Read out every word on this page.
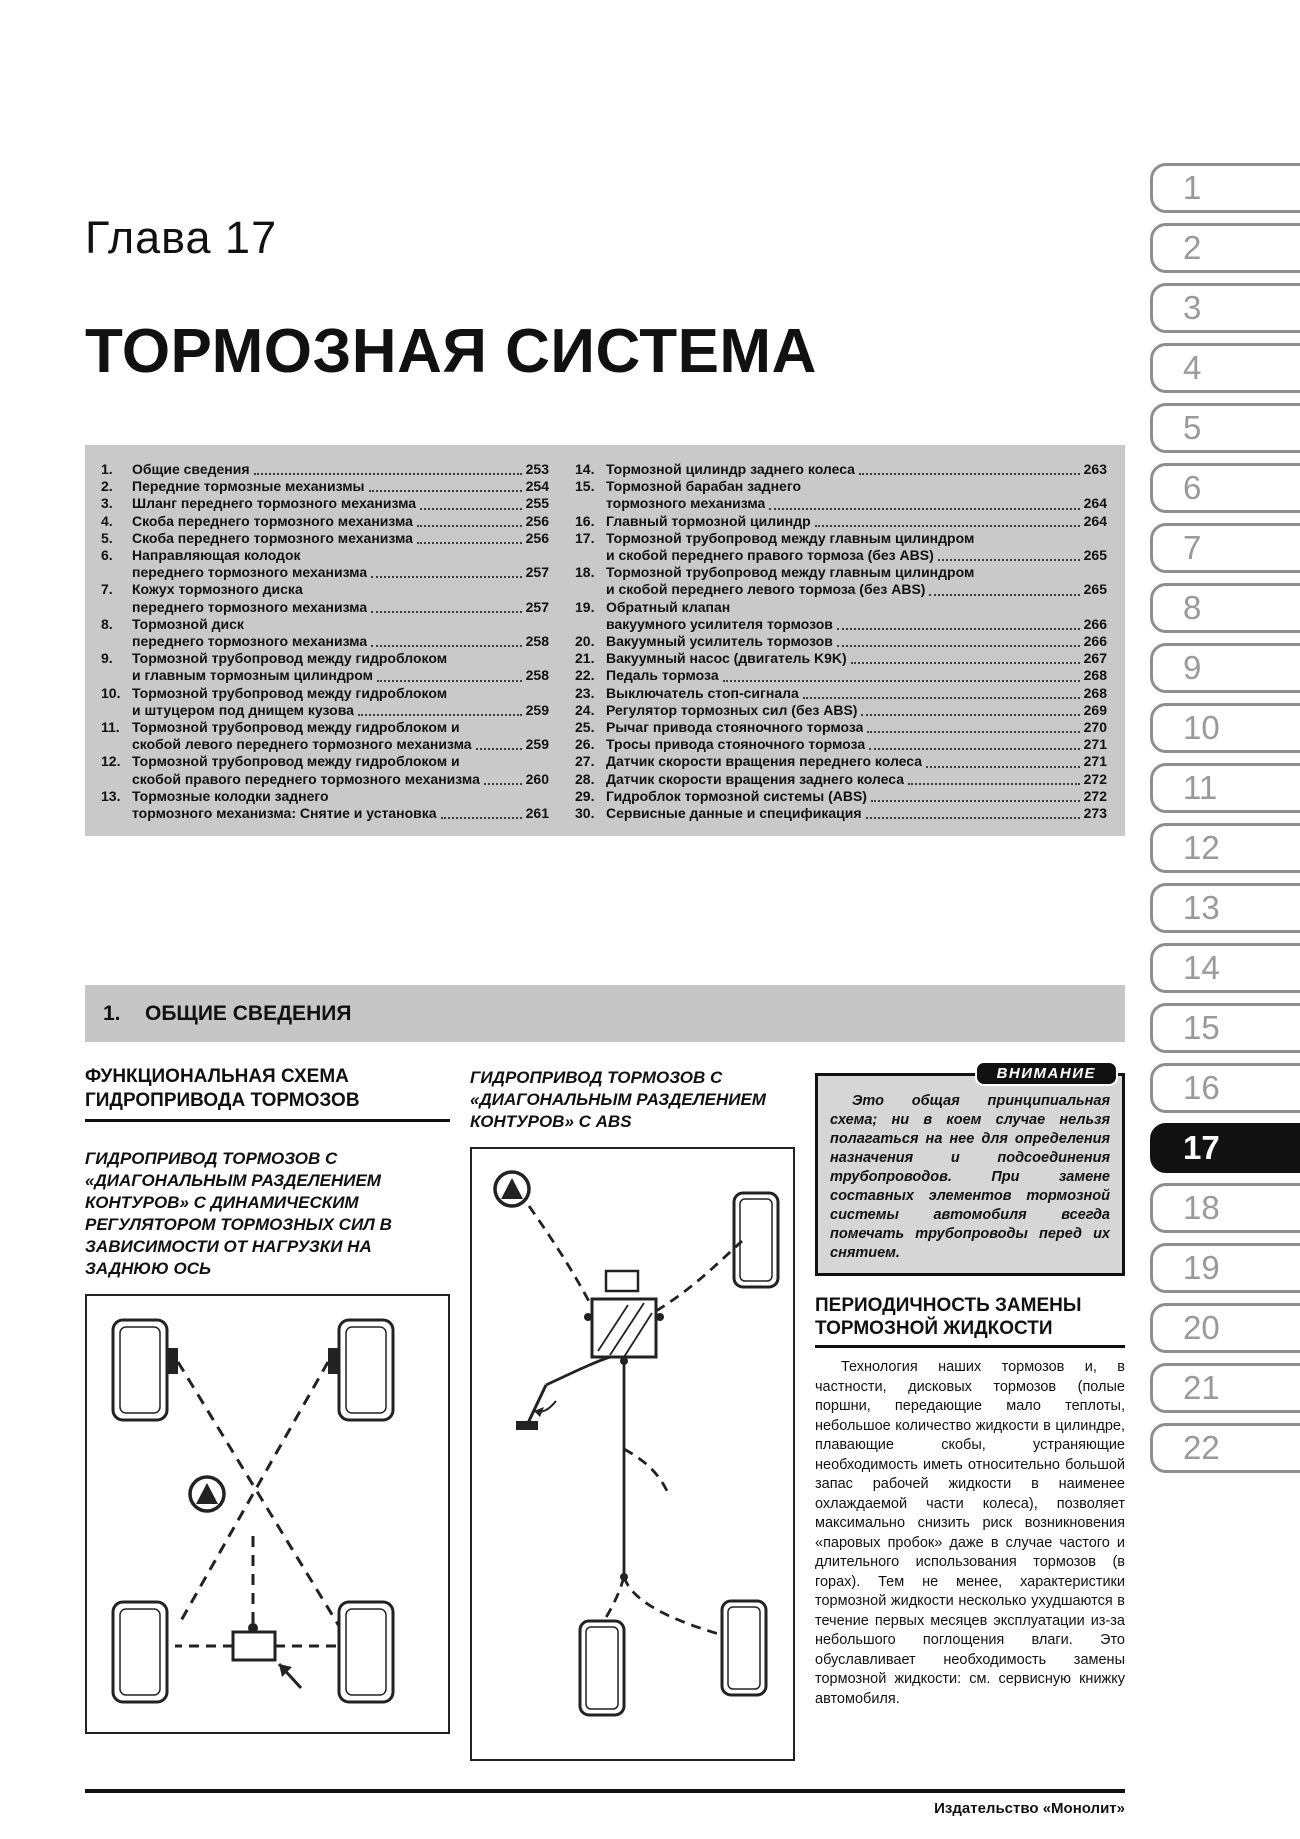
Глава 17
ТОРМОЗНАЯ СИСТЕМА
1.	Общие сведения	253
2.	Передние тормозные механизмы	254
3.	Шланг переднего тормозного механизма	255
4.	Скоба переднего тормозного механизма	256
5.	Скоба переднего тормозного механизма	256
6.	Направляющая колодок
переднего тормозного механизма	257
7.	Кожух тормозного диска
переднего тормозного механизма	257
8.	Тормозной диск
переднего тормозного механизма	258
9.	Тормозной трубопровод между гидроблоком
и главным тормозным цилиндром	258
10. Тормозной трубопровод между гидроблоком
и штуцером под днищем кузова	259
11. Тормозной трубопровод между гидроблоком и
скобой левого переднего тормозного механизма	259
12. Тормозной трубопровод между гидроблоком и
скобой правого переднего тормозного механизма	260
13. Тормозные колодки заднего
тормозного механизма: Снятие и установка	261
14. Тормозной цилиндр заднего колеса	263
15. Тормозной барабан заднего
тормозного механизма	264
16. Главный тормозной цилиндр	264
17. Тормозной трубопровод между главным цилиндром
и скобой переднего правого тормоза (без ABS)	265
18. Тормозной трубопровод между главным цилиндром
и скобой переднего левого тормоза (без ABS)	265
19. Обратный клапан
вакуумного усилителя тормозов	266
20. Вакуумный усилитель тормозов	266
21. Вакуумный насос (двигатель K9K)	267
22. Педаль тормоза	268
23. Выключатель стоп-сигнала	268
24. Регулятор тормозных сил (без ABS)	269
25. Рычаг привода стояночного тормоза	270
26. Тросы привода стояночного тормоза	271
27. Датчик скорости вращения переднего колеса	271
28. Датчик скорости вращения заднего колеса	272
29. Гидроблок тормозной системы (ABS)	272
30. Сервисные данные и спецификация	273
1.	ОБЩИЕ СВЕДЕНИЯ
ФУНКЦИОНАЛЬНАЯ СХЕМА ГИДРОПРИВОДА ТОРМОЗОВ
ГИДРОПРИВОД ТОРМОЗОВ С «ДИАГОНАЛЬНЫМ РАЗДЕЛЕНИЕМ КОНТУРОВ» С ДИНАМИЧЕСКИМ РЕГУЛЯТОРОМ ТОРМОЗНЫХ СИЛ В ЗАВИСИМОСТИ ОТ НАГРУЗКИ НА ЗАДНЮЮ ОСЬ
ГИДРОПРИВОД ТОРМОЗОВ С «ДИАГОНАЛЬНЫМ РАЗДЕЛЕНИЕМ КОНТУРОВ» С ABS
ВНИМАНИЕ

Это общая принципиальная схема; ни в коем случае нельзя полагаться на нее для определения назначения и подсоединения трубопроводов. При замене составных элементов тормозной системы автомобиля всегда помечать трубопроводы перед их снятием.

ПЕРИОДИЧНОСТЬ ЗАМЕНЫ ТОРМОЗНОЙ ЖИДКОСТИ
Технология наших тормозов и, в частности, дисковых тормозов (полые поршни, передающие мало теплоты, небольшое количество жидкости в цилиндре, плавающие скобы, устраняющие необходимость иметь относительно большой запас рабочей жидкости в наименее охлаждаемой части колеса), позволяет максимально снизить риск возникновения «паровых пробок» даже в случае частого и длительного использования тормозов (в горах). Тем не менее, характеристики тормозной жидкости несколько ухудшаются в течение первых месяцев эксплуатации из-за небольшого поглощения влаги. Это обуславливает необходимость замены тормозной жидкости: см. сервисную книжку автомобиля.
Издательство «Монолит»
1
2
3
4
5
6
7
8
9
10
11
12
13
14
15
16
17
18
19
20
21
22
